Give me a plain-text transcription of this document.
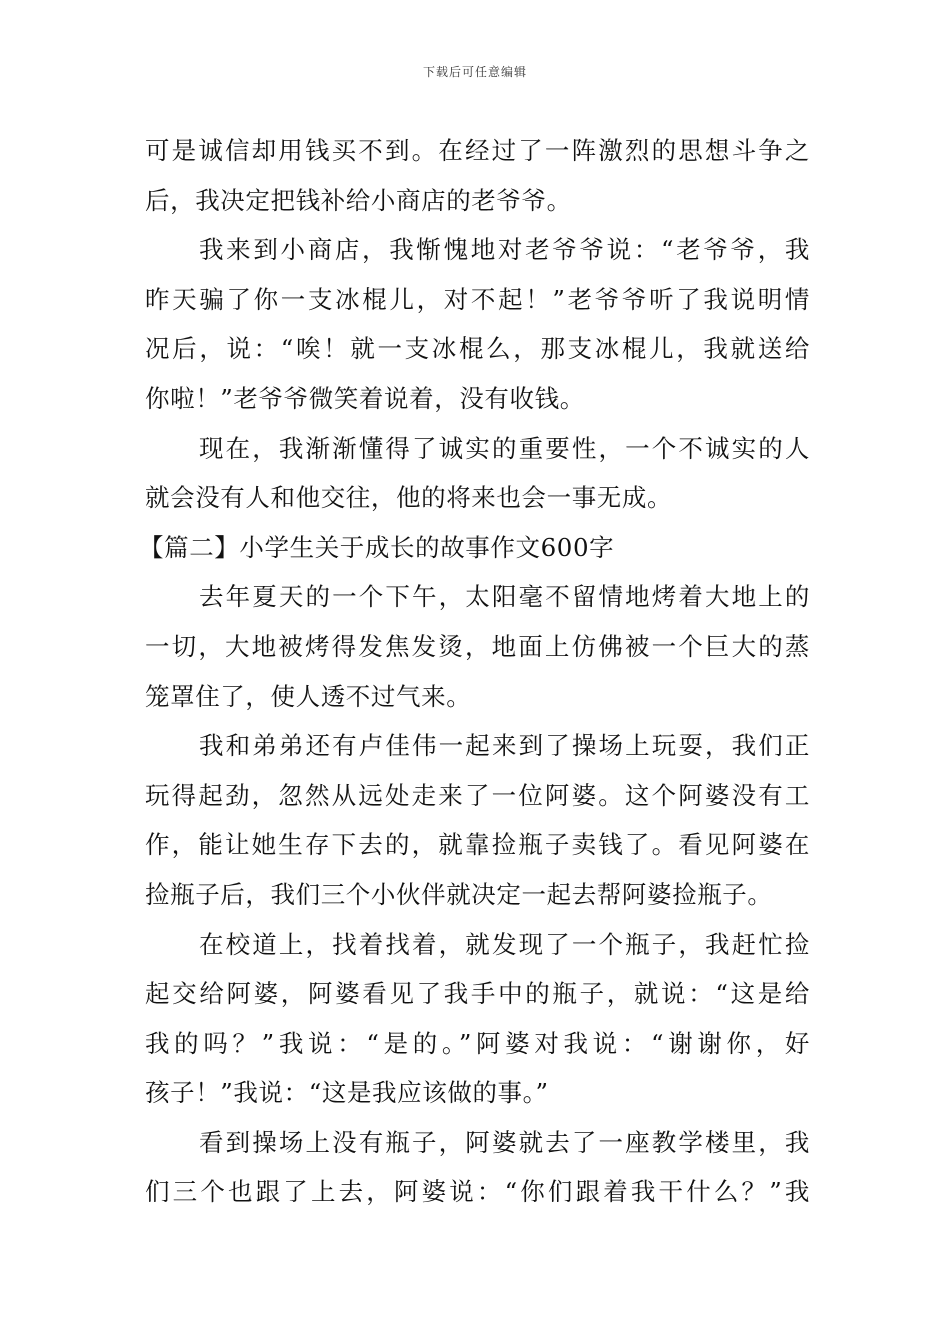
下载后可任意编辑
可是诚信却用钱买不到。在经过了一阵激烈的思想斗争之
后，我决定把钱补给小商店的老爷爷。
我来到小商店，我惭愧地对老爷爷说：“老爷爷，我
昨天骗了你一支冰棍儿，对不起！”老爷爷听了我说明情
况后，说：“唉！就一支冰棍么，那支冰棍儿，我就送给
你啦！”老爷爷微笑着说着，没有收钱。
现在，我渐渐懂得了诚实的重要性，一个不诚实的人
就会没有人和他交往，他的将来也会一事无成。
【篇二】小学生关于成长的故事作文600字
去年夏天的一个下午，太阳毫不留情地烤着大地上的
一切，大地被烤得发焦发烫，地面上仿佛被一个巨大的蒸
笼罩住了，使人透不过气来。
我和弟弟还有卢佳伟一起来到了操场上玩耍，我们正
玩得起劲，忽然从远处走来了一位阿婆。这个阿婆没有工
作，能让她生存下去的，就靠捡瓶子卖钱了。看见阿婆在
捡瓶子后，我们三个小伙伴就决定一起去帮阿婆捡瓶子。
在校道上，找着找着，就发现了一个瓶子，我赶忙捡
起交给阿婆，阿婆看见了我手中的瓶子，就说：“这是给
我的吗？”我说：“是的。”阿婆对我说：“谢谢你，好
孩子！”我说：“这是我应该做的事。”
看到操场上没有瓶子，阿婆就去了一座教学楼里，我
们三个也跟了上去，阿婆说：“你们跟着我干什么？”我
